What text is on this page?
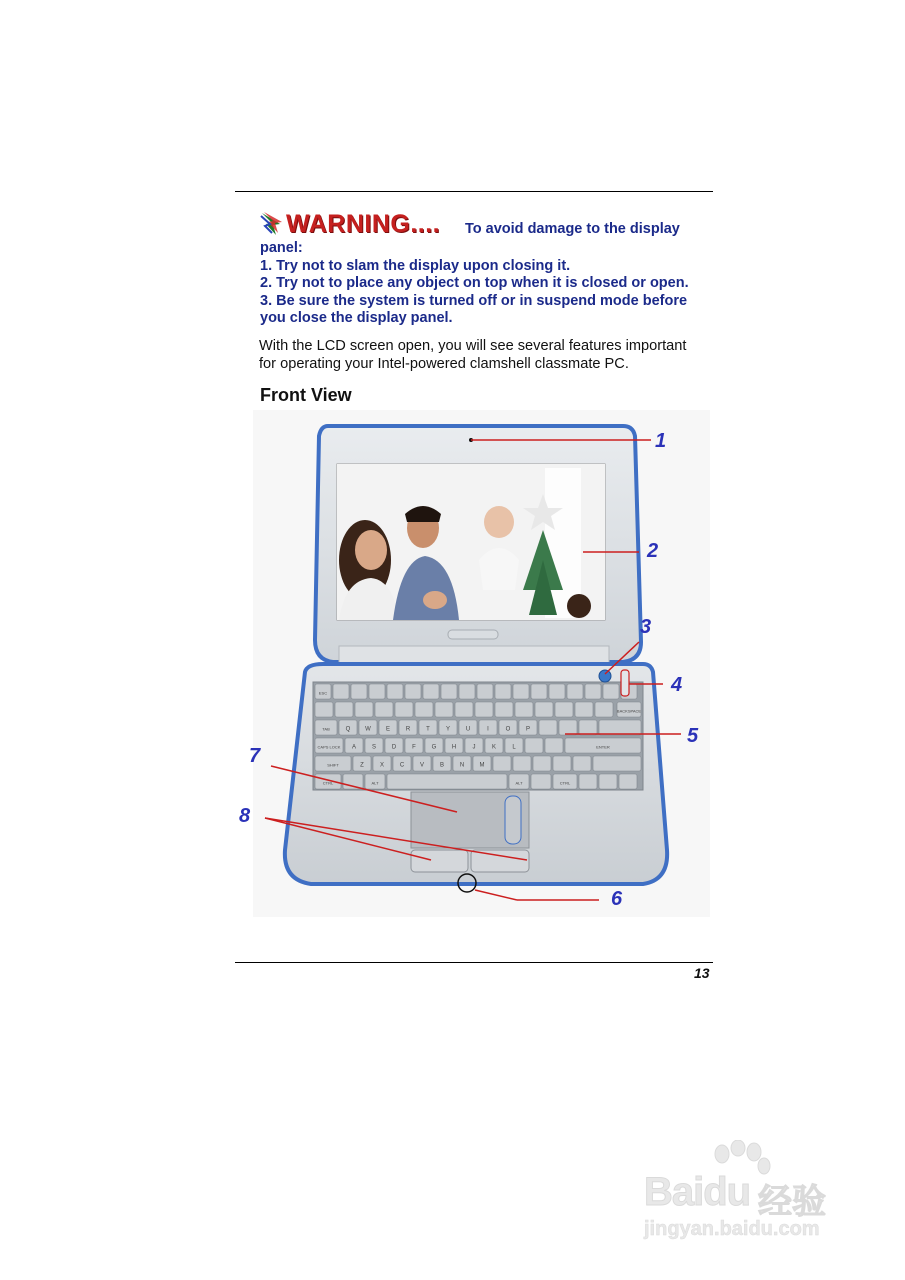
WARNING.... To avoid damage to the display
panel:
1. Try not to slam the display upon closing it.
2. Try not to place any object on top when it is closed or open.
3. Be sure the system is turned off or in suspend mode before
you close the display panel.
With the LCD screen open, you will see several features important
for operating your Intel-powered clamshell classmate PC.
Front View
ESC
BACKSPACE
TAB	Q W	E	R	T	Y	U	I	O	P
CAPS LOCK A	S	D	F	G	H	J	K	L	ENTER
SHIFT	Z	X	C	V	B	N	M
CTRL	ALT	ALT	CTRL
1
2
3
4
5
6
7
8
13
Baidu 经验
jingyan.baidu.com
